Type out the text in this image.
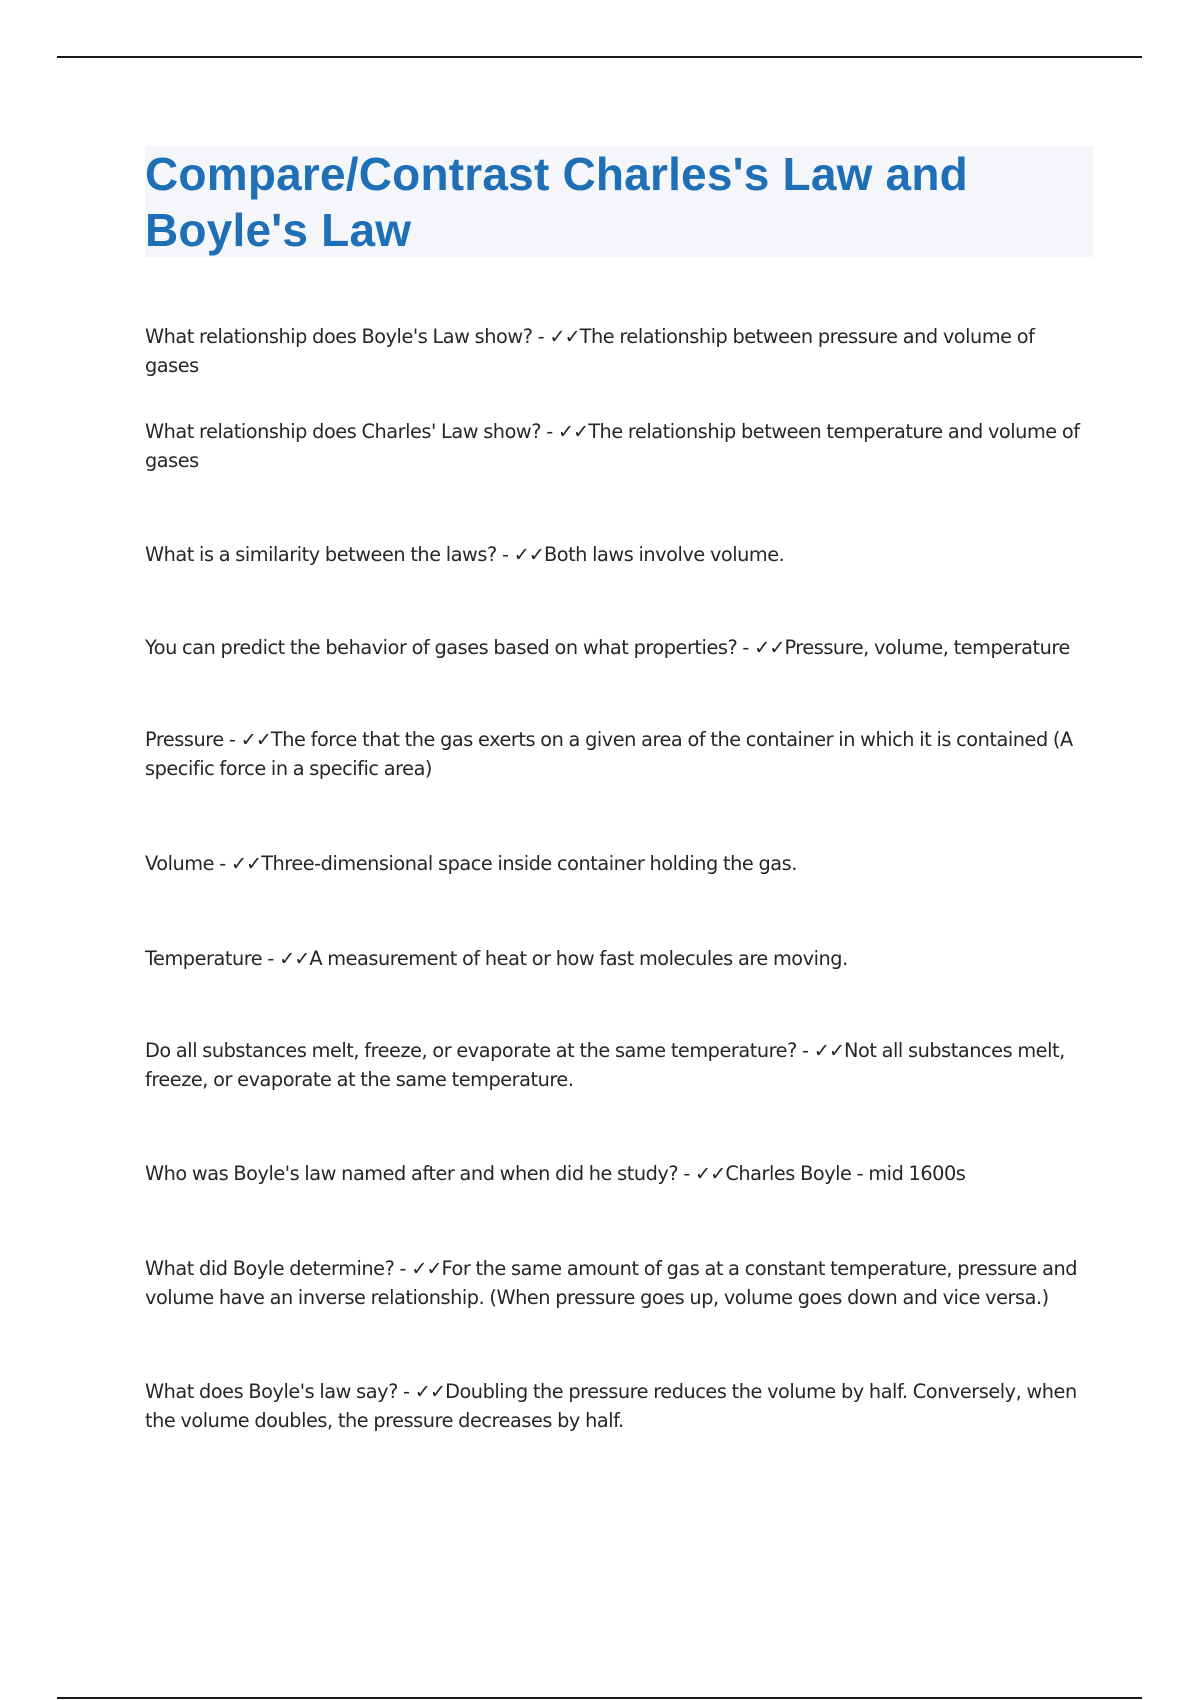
Compare/Contrast Charles's Law and Boyle's Law

What relationship does Boyle's Law show? - ✓✓The relationship between pressure and volume of gases

What relationship does Charles' Law show? - ✓✓The relationship between temperature and volume of gases

What is a similarity between the laws? - ✓✓Both laws involve volume.

You can predict the behavior of gases based on what properties? - ✓✓Pressure, volume, temperature

Pressure - ✓✓The force that the gas exerts on a given area of the container in which it is contained (A specific force in a specific area)

Volume - ✓✓Three-dimensional space inside container holding the gas.

Temperature - ✓✓A measurement of heat or how fast molecules are moving.

Do all substances melt, freeze, or evaporate at the same temperature? - ✓✓Not all substances melt, freeze, or evaporate at the same temperature.

Who was Boyle's law named after and when did he study? - ✓✓Charles Boyle - mid 1600s

What did Boyle determine? - ✓✓For the same amount of gas at a constant temperature, pressure and volume have an inverse relationship. (When pressure goes up, volume goes down and vice versa.)

What does Boyle's law say? - ✓✓Doubling the pressure reduces the volume by half. Conversely, when the volume doubles, the pressure decreases by half.
